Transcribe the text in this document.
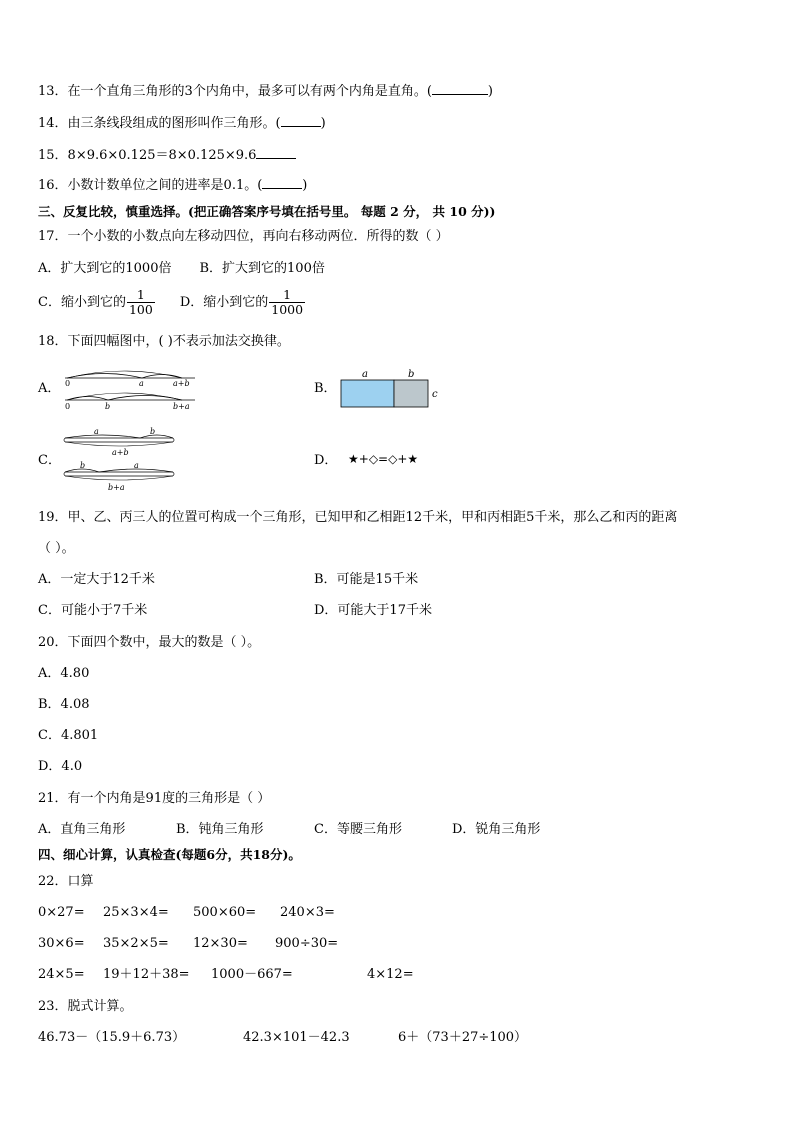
13．在一个直角三角形的3个内角中，最多可以有两个内角是直角。(	)
14．由三条线段组成的图形叫作三角形。(	)
15．8×9.6×0.125＝8×0.125×9.6
16．小数计数单位之间的进率是0.1。(	)
三、反复比较，慎重选择。(把正确答案序号填在括号里。 每题 2 分， 共 10 分))
17．一个小数的小数点向左移动四位，再向右移动两位．所得的数（ ）
A．扩大到它的1000倍 B．扩大到它的100倍
C．缩小到它的 $\frac{1}{100}$ D．缩小到它的 $\frac{1}{1000}$
18．下面四幅图中，( )不表示加法交换律。
A． 0	a	a+b
0	b	b+a
B．
a	b
c
C．
a	b
a+b
b	a
b+a
D． ★+◇=◇+★
19．甲、乙、丙三人的位置可构成一个三角形，已知甲和乙相距12千米，甲和丙相距5千米，那么乙和丙的距离
（ ）。
A．一定大于12千米	B．可能是15千米
C．可能小于7千米	D．可能大于17千米
20．下面四个数中，最大的数是（ ）。
A．4.80
B．4.08
C．4.801
D．4.0
21．有一个内角是91度的三角形是（ ）
A．直角三角形	B．钝角三角形	C．等腰三角形	D．锐角三角形
四、细心计算，认真检查(每题6分，共18分)。
22．口算
0×27= 25×3×4= 500×60= 240×3=
30×6= 35×2×5= 12×30= 900÷30=
24×5= 19＋12＋38= 1000－667=	4×12=
23．脱式计算。
46.73－（15.9＋6.73）	42.3×101－42.3	6＋（73＋27÷100）
